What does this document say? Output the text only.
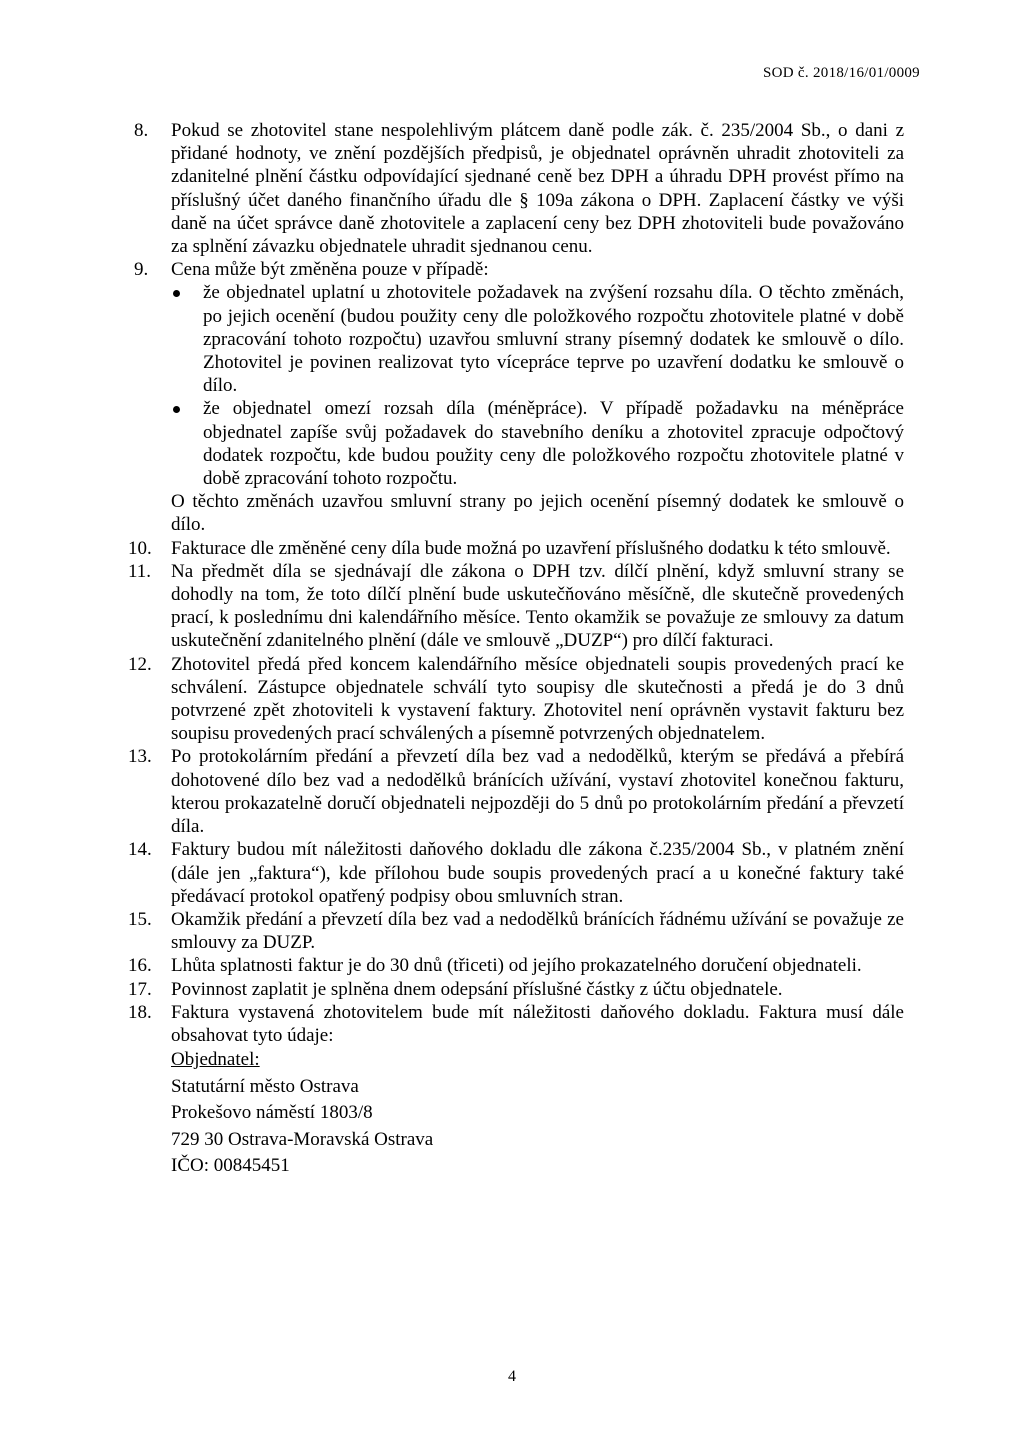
SOD č. 2018/16/01/0009
8. Pokud se zhotovitel stane nespolehlivým plátcem daně podle zák. č. 235/2004 Sb., o dani z přidané hodnoty, ve znění pozdějších předpisů, je objednatel oprávněn uhradit zhotoviteli za zdanitelné plnění částku odpovídající sjednané ceně bez DPH a úhradu DPH provést přímo na příslušný účet daného finančního úřadu dle § 109a zákona o DPH. Zaplacení částky ve výši daně na účet správce daně zhotovitele a zaplacení ceny bez DPH zhotoviteli bude považováno za splnění závazku objednatele uhradit sjednanou cenu.

9. Cena může být změněna pouze v případě:

že objednatel uplatní u zhotovitele požadavek na zvýšení rozsahu díla. O těchto změnách, po jejich ocenění (budou použity ceny dle položkového rozpočtu zhotovitele platné v době zpracování tohoto rozpočtu) uzavřou smluvní strany písemný dodatek ke smlouvě o dílo. Zhotovitel je povinen realizovat tyto vícepráce teprve po uzavření dodatku ke smlouvě o dílo.

že objednatel omezí rozsah díla (méněpráce). V případě požadavku na méněpráce objednatel zapíše svůj požadavek do stavebního deníku a zhotovitel zpracuje odpočtový dodatek rozpočtu, kde budou použity ceny dle položkového rozpočtu zhotovitele platné v době zpracování tohoto rozpočtu.

O těchto změnách uzavřou smluvní strany po jejich ocenění písemný dodatek ke smlouvě o dílo.

10. Fakturace dle změněné ceny díla bude možná po uzavření příslušného dodatku k této smlouvě.

11. Na předmět díla se sjednávají dle zákona o DPH tzv. dílčí plnění, když smluvní strany se dohodly na tom, že toto dílčí plnění bude uskutečňováno měsíčně, dle skutečně provedených prací, k poslednímu dni kalendářního měsíce. Tento okamžik se považuje ze smlouvy za datum uskutečnění zdanitelného plnění (dále ve smlouvě „DUZP“) pro dílčí fakturaci.

12. Zhotovitel předá před koncem kalendářního měsíce objednateli soupis provedených prací ke schválení. Zástupce objednatele schválí tyto soupisy dle skutečnosti a předá je do 3 dnů potvrzené zpět zhotoviteli k vystavení faktury. Zhotovitel není oprávněn vystavit fakturu bez soupisu provedených prací schválených a písemně potvrzených objednatelem.

13. Po protokolárním předání a převzetí díla bez vad a nedodělků, kterým se předává a přebírá dohotovené dílo bez vad a nedodělků bránících užívání, vystaví zhotovitel konečnou fakturu, kterou prokazatelně doručí objednateli nejpozději do 5 dnů po protokolárním předání a převzetí díla.

14. Faktury budou mít náležitosti daňového dokladu dle zákona č.235/2004 Sb., v platném znění (dále jen „faktura“), kde přílohou bude soupis provedených prací a u konečné faktury také předávací protokol opatřený podpisy obou smluvních stran.

15. Okamžik předání a převzetí díla bez vad a nedodělků bránících řádnému užívání se považuje ze smlouvy za DUZP.

16. Lhůta splatnosti faktur je do 30 dnů (třiceti) od jejího prokazatelného doručení objednateli.

17. Povinnost zaplatit je splněna dnem odepsání příslušné částky z účtu objednatele.

18. Faktura vystavená zhotovitelem bude mít náležitosti daňového dokladu. Faktura musí dále obsahovat tyto údaje:

Objednatel:
Statutární město Ostrava
Prokešovo náměstí 1803/8
729 30 Ostrava-Moravská Ostrava
IČO: 00845451
4
